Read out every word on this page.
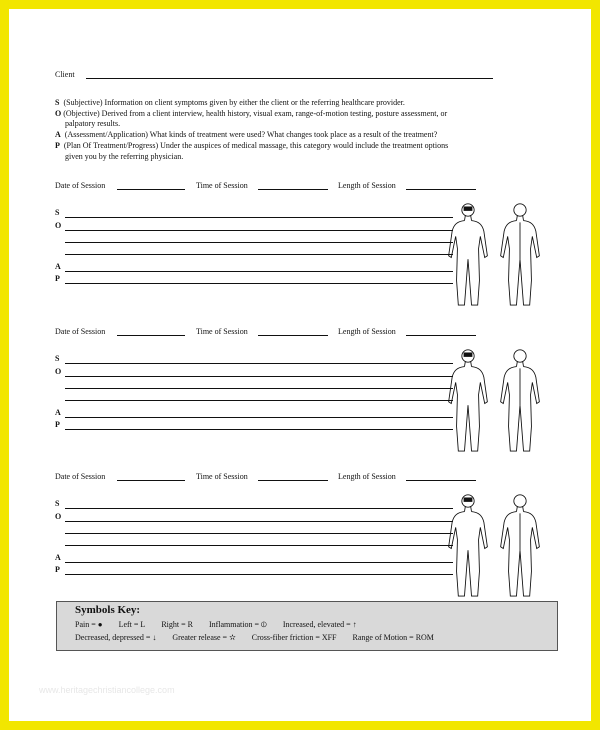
Client
S (Subjective) Information on client symptoms given by either the client or the referring healthcare provider.
O (Objective) Derived from a client interview, health history, visual exam, range-of-motion testing, posture assessment, or
palpatory results.
A (Assessment/Application) What kinds of treatment were used? What changes took place as a result of the treatment?
P (Plan Of Treatment/Progress) Under the auspices of medical massage, this category would include the treatment options
given you by the referring physician.
Date of Session	Time of Session	Length of Session
S
O
A
P
Date of Session	Time of Session	Length of Session
S
O
A
P
Date of Session	Time of Session	Length of Session
S
O
A
P
Symbols Key:
Pain = ● Left = L Right = R Inflammation = ⦶ Increased, elevated = ↑
Decreased, depressed = ↓ Greater release = ✫ Cross-fiber friction = XFF Range of Motion = ROM
www.heritagechristiancollege.com
